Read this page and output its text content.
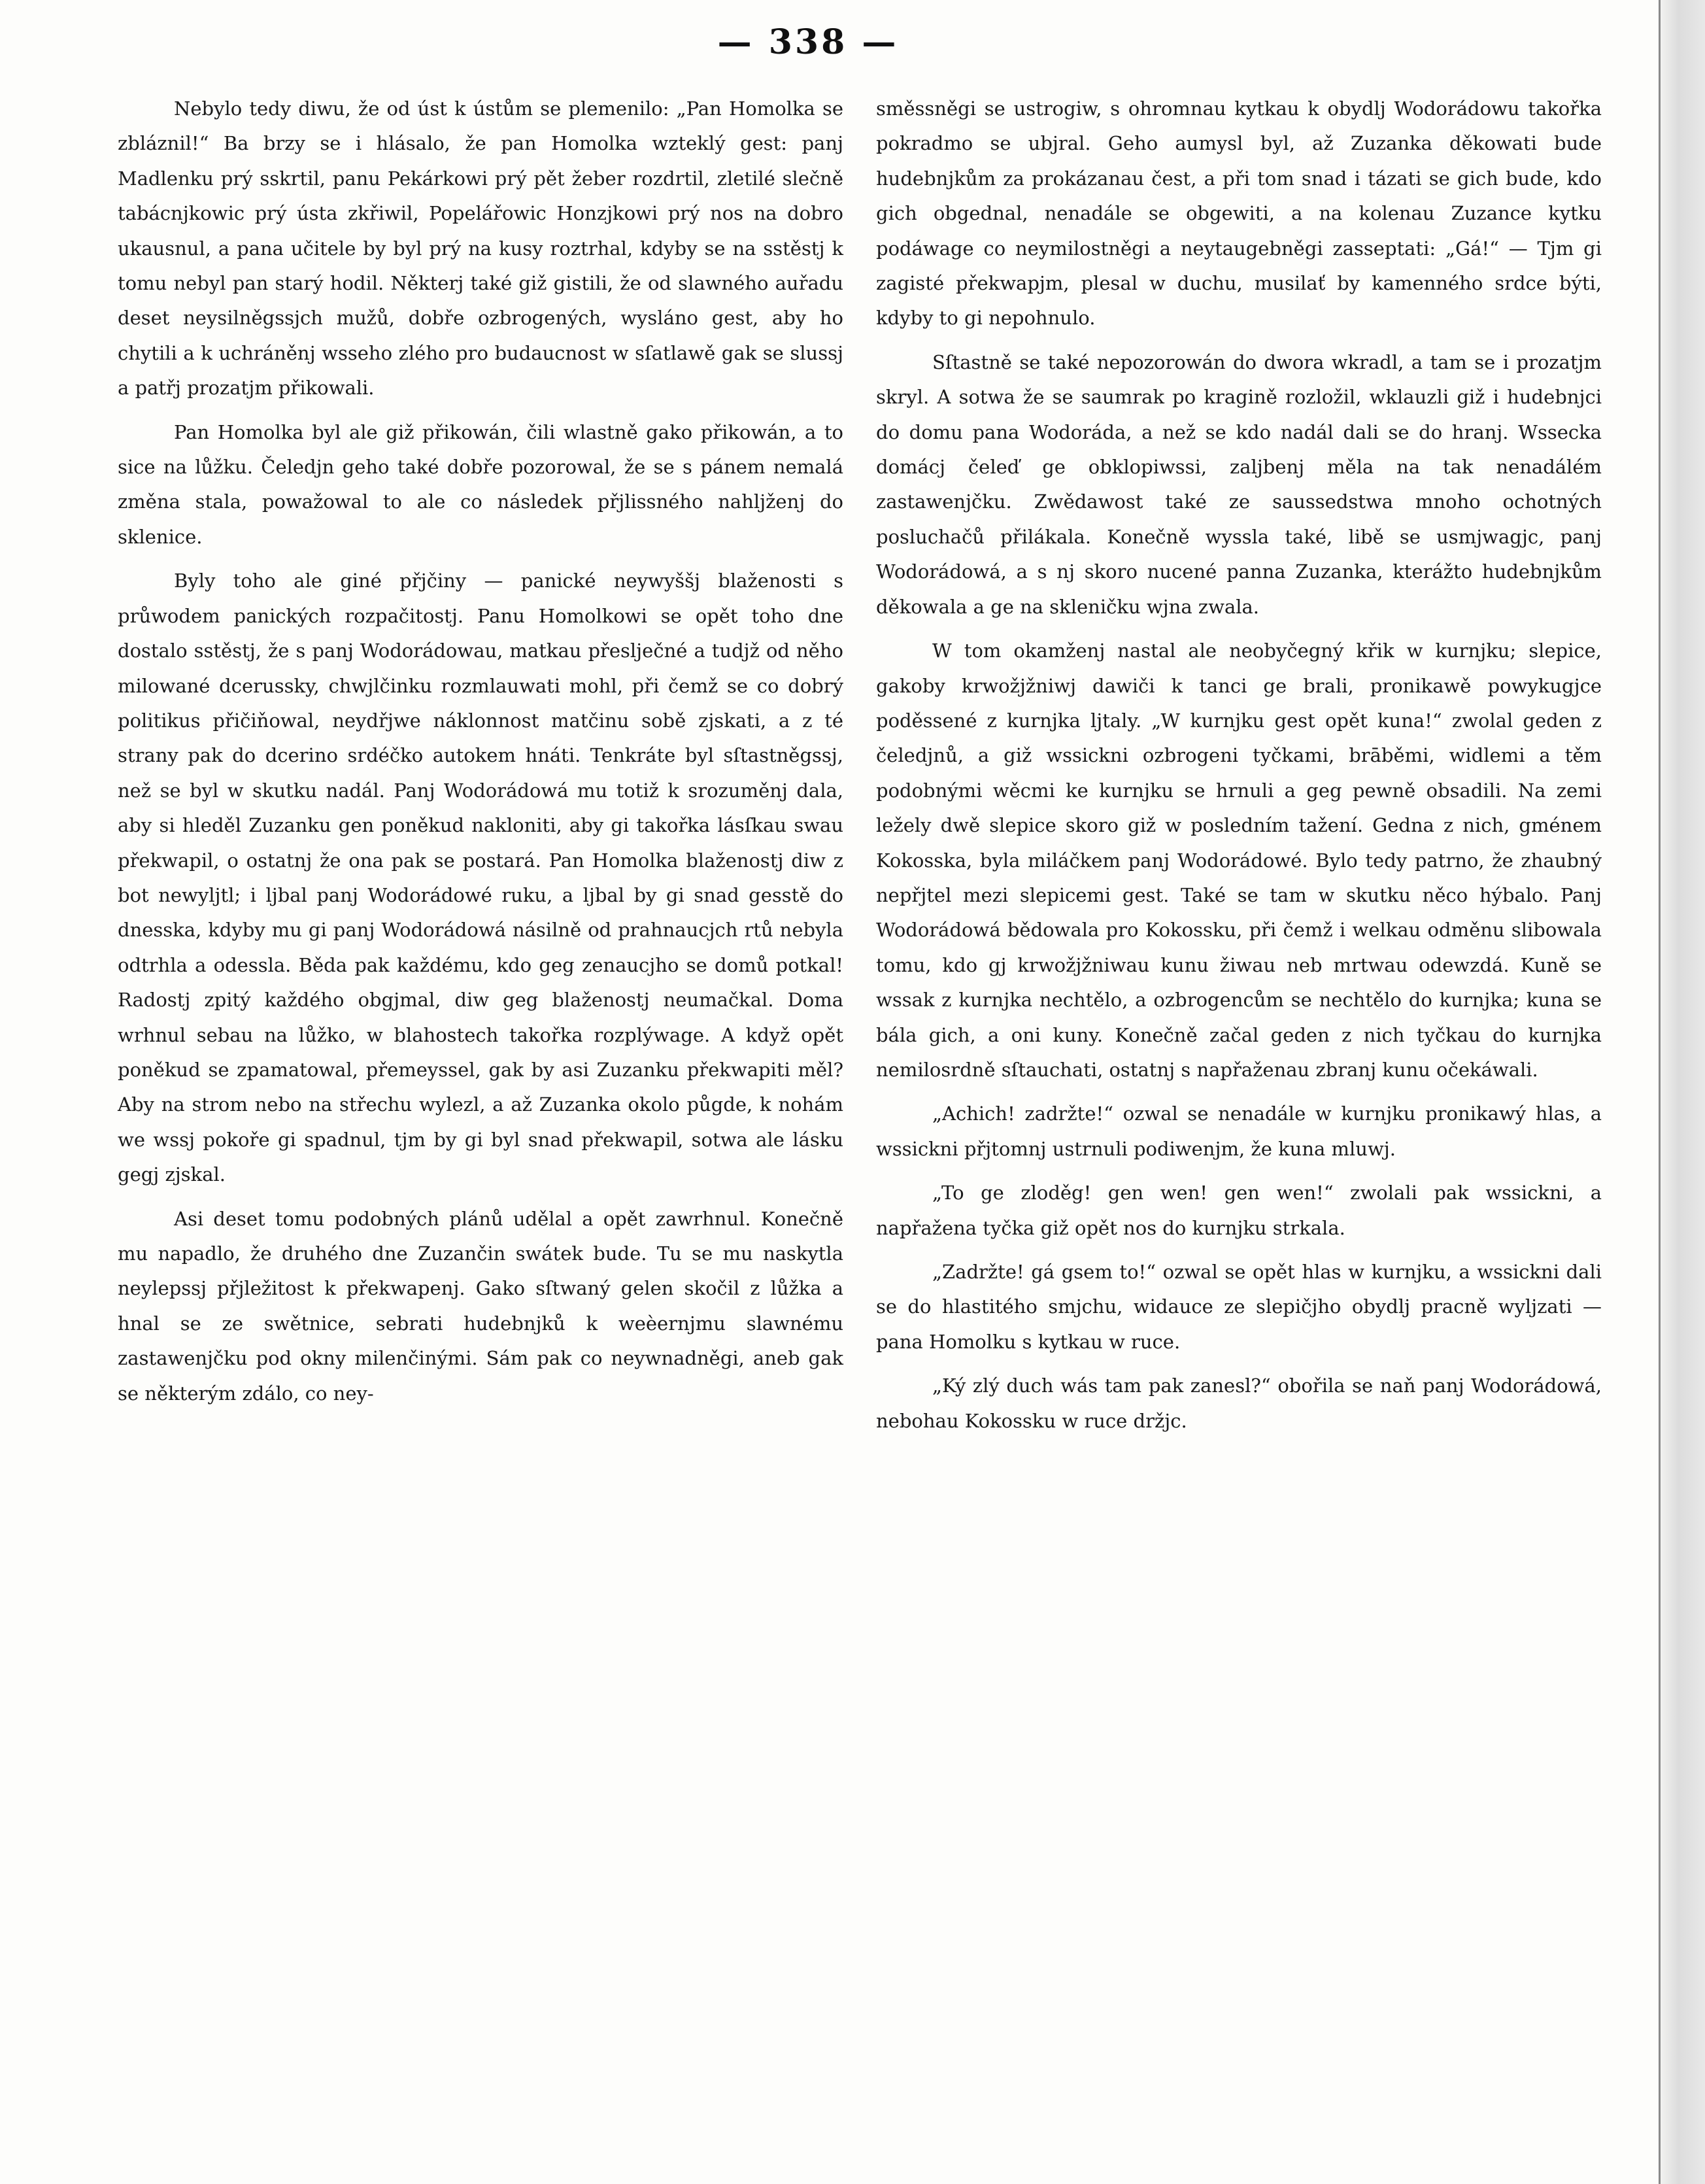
— 338 —

Nebylo tedy diwu, že od úst k ústům se plemenilo: „Pan Homolka se zbláznil!“ Ba brzy se i hlásalo, že pan Homolka wzteklý gest: panj Madlenku prý sskrtil, panu Pekárkowi prý pět žeber rozdrtil, zletilé slečně tabácnjkowic prý ústa zkřiwil, Popelářowic Honzjkowi prý nos na dobro ukausnul, a pana učitele by byl prý na kusy roztrhal, kdyby se na sstěstj k tomu nebyl pan starý hodil. Některj také giž gistili, že od slawného auřadu deset neysilněgssjch mužů, dobře ozbrogených, wysláno gest, aby ho chytili a k uchráněnj wsseho zlého pro budaucnost w sſatlawě gak se slussj a patřj prozatjm přikowali.

Pan Homolka byl ale giž přikowán, čili wlastně gako přikowán, a to sice na lůžku. Čeledjn geho také dobře pozorowal, že se s pánem nemalá změna stala, powažowal to ale co následek přjlissného nahljženj do sklenice.

Byly toho ale giné přjčiny — panické neywyššj blaženosti s průwodem panických rozpačitostj. Panu Homolkowi se opět toho dne dostalo sstěstj, že s panj Wodorádowau, matkau přeslječné a tudjž od něho milowané dcerussky, chwjlčinku rozmlauwati mohl, při čemž se co dobrý politikus přičiňowal, neydřjwe náklonnost matčinu sobě zjskati, a z té strany pak do dcerino srdéčko autokem hnáti. Tenkráte byl sſtastněgssj, než se byl w skutku nadál. Panj Wodorádowá mu totiž k srozuměnj dala, aby si hleděl Zuzanku gen poněkud nakloniti, aby gi takořka lásſkau swau překwapil, o ostatnj že ona pak se postará. Pan Homolka blaženostj diw z bot newyljtl; i ljbal panj Wodorádowé ruku, a ljbal by gi snad gesstě do dnesska, kdyby mu gi panj Wodorádowá násilně od prahnaucjch rtů nebyla odtrhla a odessla. Běda pak každému, kdo geg zenaucjho se domů potkal! Radostj zpitý každého obgjmal, diw geg blaženostj neumačkal. Doma wrhnul sebau na lůžko, w blahostech takořka rozplýwage. A když opět poněkud se zpamatowal, přemeyssel, gak by asi Zuzanku překwapiti měl? Aby na strom nebo na střechu wylezl, a až Zuzanka okolo půgde, k nohám we wssj pokoře gi spadnul, tjm by gi byl snad překwapil, sotwa ale lásku gegj zjskal.

Asi deset tomu podobných plánů udělal a opět zawrhnul. Konečně mu napadlo, že druhého dne Zuzančin swátek bude. Tu se mu naskytla neylepssj přjležitost k překwapenj. Gako sſtwaný gelen skočil z lůžka a hnal se ze swětnice, sebrati hudebnjků k weèernjmu slawnému zastawenjčku pod okny milenčinými. Sám pak co neywnadněgi, aneb gak se některým zdálo, co ney-

směssněgi se ustrogiw, s ohromnau kytkau k obydlj Wodorádowu takořka pokradmo se ubjral. Geho aumysl byl, až Zuzanka děkowati bude hudebnjkům za prokázanau čest, a při tom snad i tázati se gich bude, kdo gich obgednal, nenadále se obgewiti, a na kolenau Zuzance kytku podáwage co neymilostněgi a neytaugebněgi zasseptati: „Gá!“ — Tjm gi zagisté překwapjm, plesal w duchu, musilať by kamenného srdce býti, kdyby to gi nepohnulo.

Sſtastně se také nepozorowán do dwora wkradl, a tam se i prozatjm skryl. A sotwa že se saumrak po kragině rozložil, wklauzli giž i hudebnjci do domu pana Wodoráda, a než se kdo nadál dali se do hranj. Wssecka domácj čeleď ge obklopiwssi, zaljbenj měla na tak nenadálém zastawenjčku. Zwědawost také ze saussedstwa mnoho ochotných posluchačů přilákala. Konečně wyssla také, libě se usmjwagjc, panj Wodorádowá, a s nj skoro nucené panna Zuzanka, kterážto hudebnjkům děkowala a ge na skleničku wjna zwala.

W tom okamženj nastal ale neobyčegný křik w kurnjku; slepice, gakoby krwožjžniwj dawiči k tanci ge brali, pronikawě powykugjce poděssené z kurnjka ljtaly. „W kurnjku gest opět kuna!“ zwolal geden z čeledjnů, a giž wssickni ozbrogeni tyčkami, brāběmi, widlemi a těm podobnými wěcmi ke kurnjku se hrnuli a geg pewně obsadili. Na zemi ležely dwě slepice skoro giž w posledním tažení. Gedna z nich, gménem Kokosska, byla miláčkem panj Wodorádowé. Bylo tedy patrno, že zhaubný nepřjtel mezi slepicemi gest. Také se tam w skutku něco hýbalo. Panj Wodorádowá bědowala pro Kokossku, při čemž i welkau odměnu slibowala tomu, kdo gj krwožjžniwau kunu žiwau neb mrtwau odewzdá. Kuně se wssak z kurnjka nechtělo, a ozbrogencům se nechtělo do kurnjka; kuna se bála gich, a oni kuny. Konečně začal geden z nich tyčkau do kurnjka nemilosrdně sſtauchati, ostatnj s napřaženau zbranj kunu očekáwali.

„Achich! zadržte!“ ozwal se nenadále w kurnjku pronikawý hlas, a wssickni přjtomnj ustrnuli podiwenjm, že kuna mluwj.

„To ge zloděg! gen wen! gen wen!“ zwolali pak wssickni, a napřažena tyčka giž opět nos do kurnjku strkala.

„Zadržte! gá gsem to!“ ozwal se opět hlas w kurnjku, a wssickni dali se do hlastitého smjchu, widauce ze slepičjho obydlj pracně wyljzati — pana Homolku s kytkau w ruce.

„Ký zlý duch wás tam pak zanesl?“ obořila se naň panj Wodorádowá, nebohau Kokossku w ruce držjc.
